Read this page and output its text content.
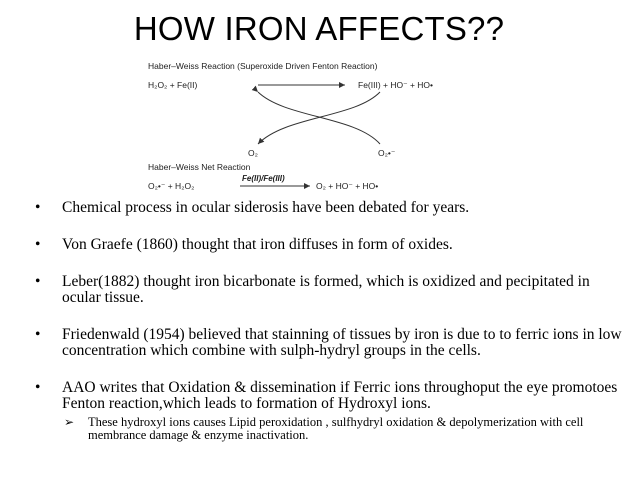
HOW IRON AFFECTS??
Haber–Weiss Reaction (Superoxide Driven Fenton Reaction)
H₂O₂ + Fe(II)	Fe(III) + HO⁻ + HO•
O₂	O₂•⁻
Haber–Weiss Net Reaction
O₂•⁻ + H₂O₂
Fe(II)/Fe(III)
O₂ + HO⁻ + HO•
• Chemical process in ocular siderosis have been debated for years.
• Von Graefe (1860) thought that iron diffuses in form of oxides.
• Leber(1882) thought iron bicarbonate is formed, which is oxidized and pecipitated in ocular tissue.
• Friedenwald (1954) believed that stainning of tissues by iron is due to to ferric ions in low concentration which combine with sulph-hydryl groups in the cells.
• AAO writes that Oxidation & dissemination if Ferric ions throughoput the eye promotoes Fenton reaction,which leads to formation of Hydroxyl ions.
➢ These hydroxyl ions causes Lipid peroxidation , sulfhydryl oxidation & depolymerization with cell membrance damage & enzyme inactivation.
